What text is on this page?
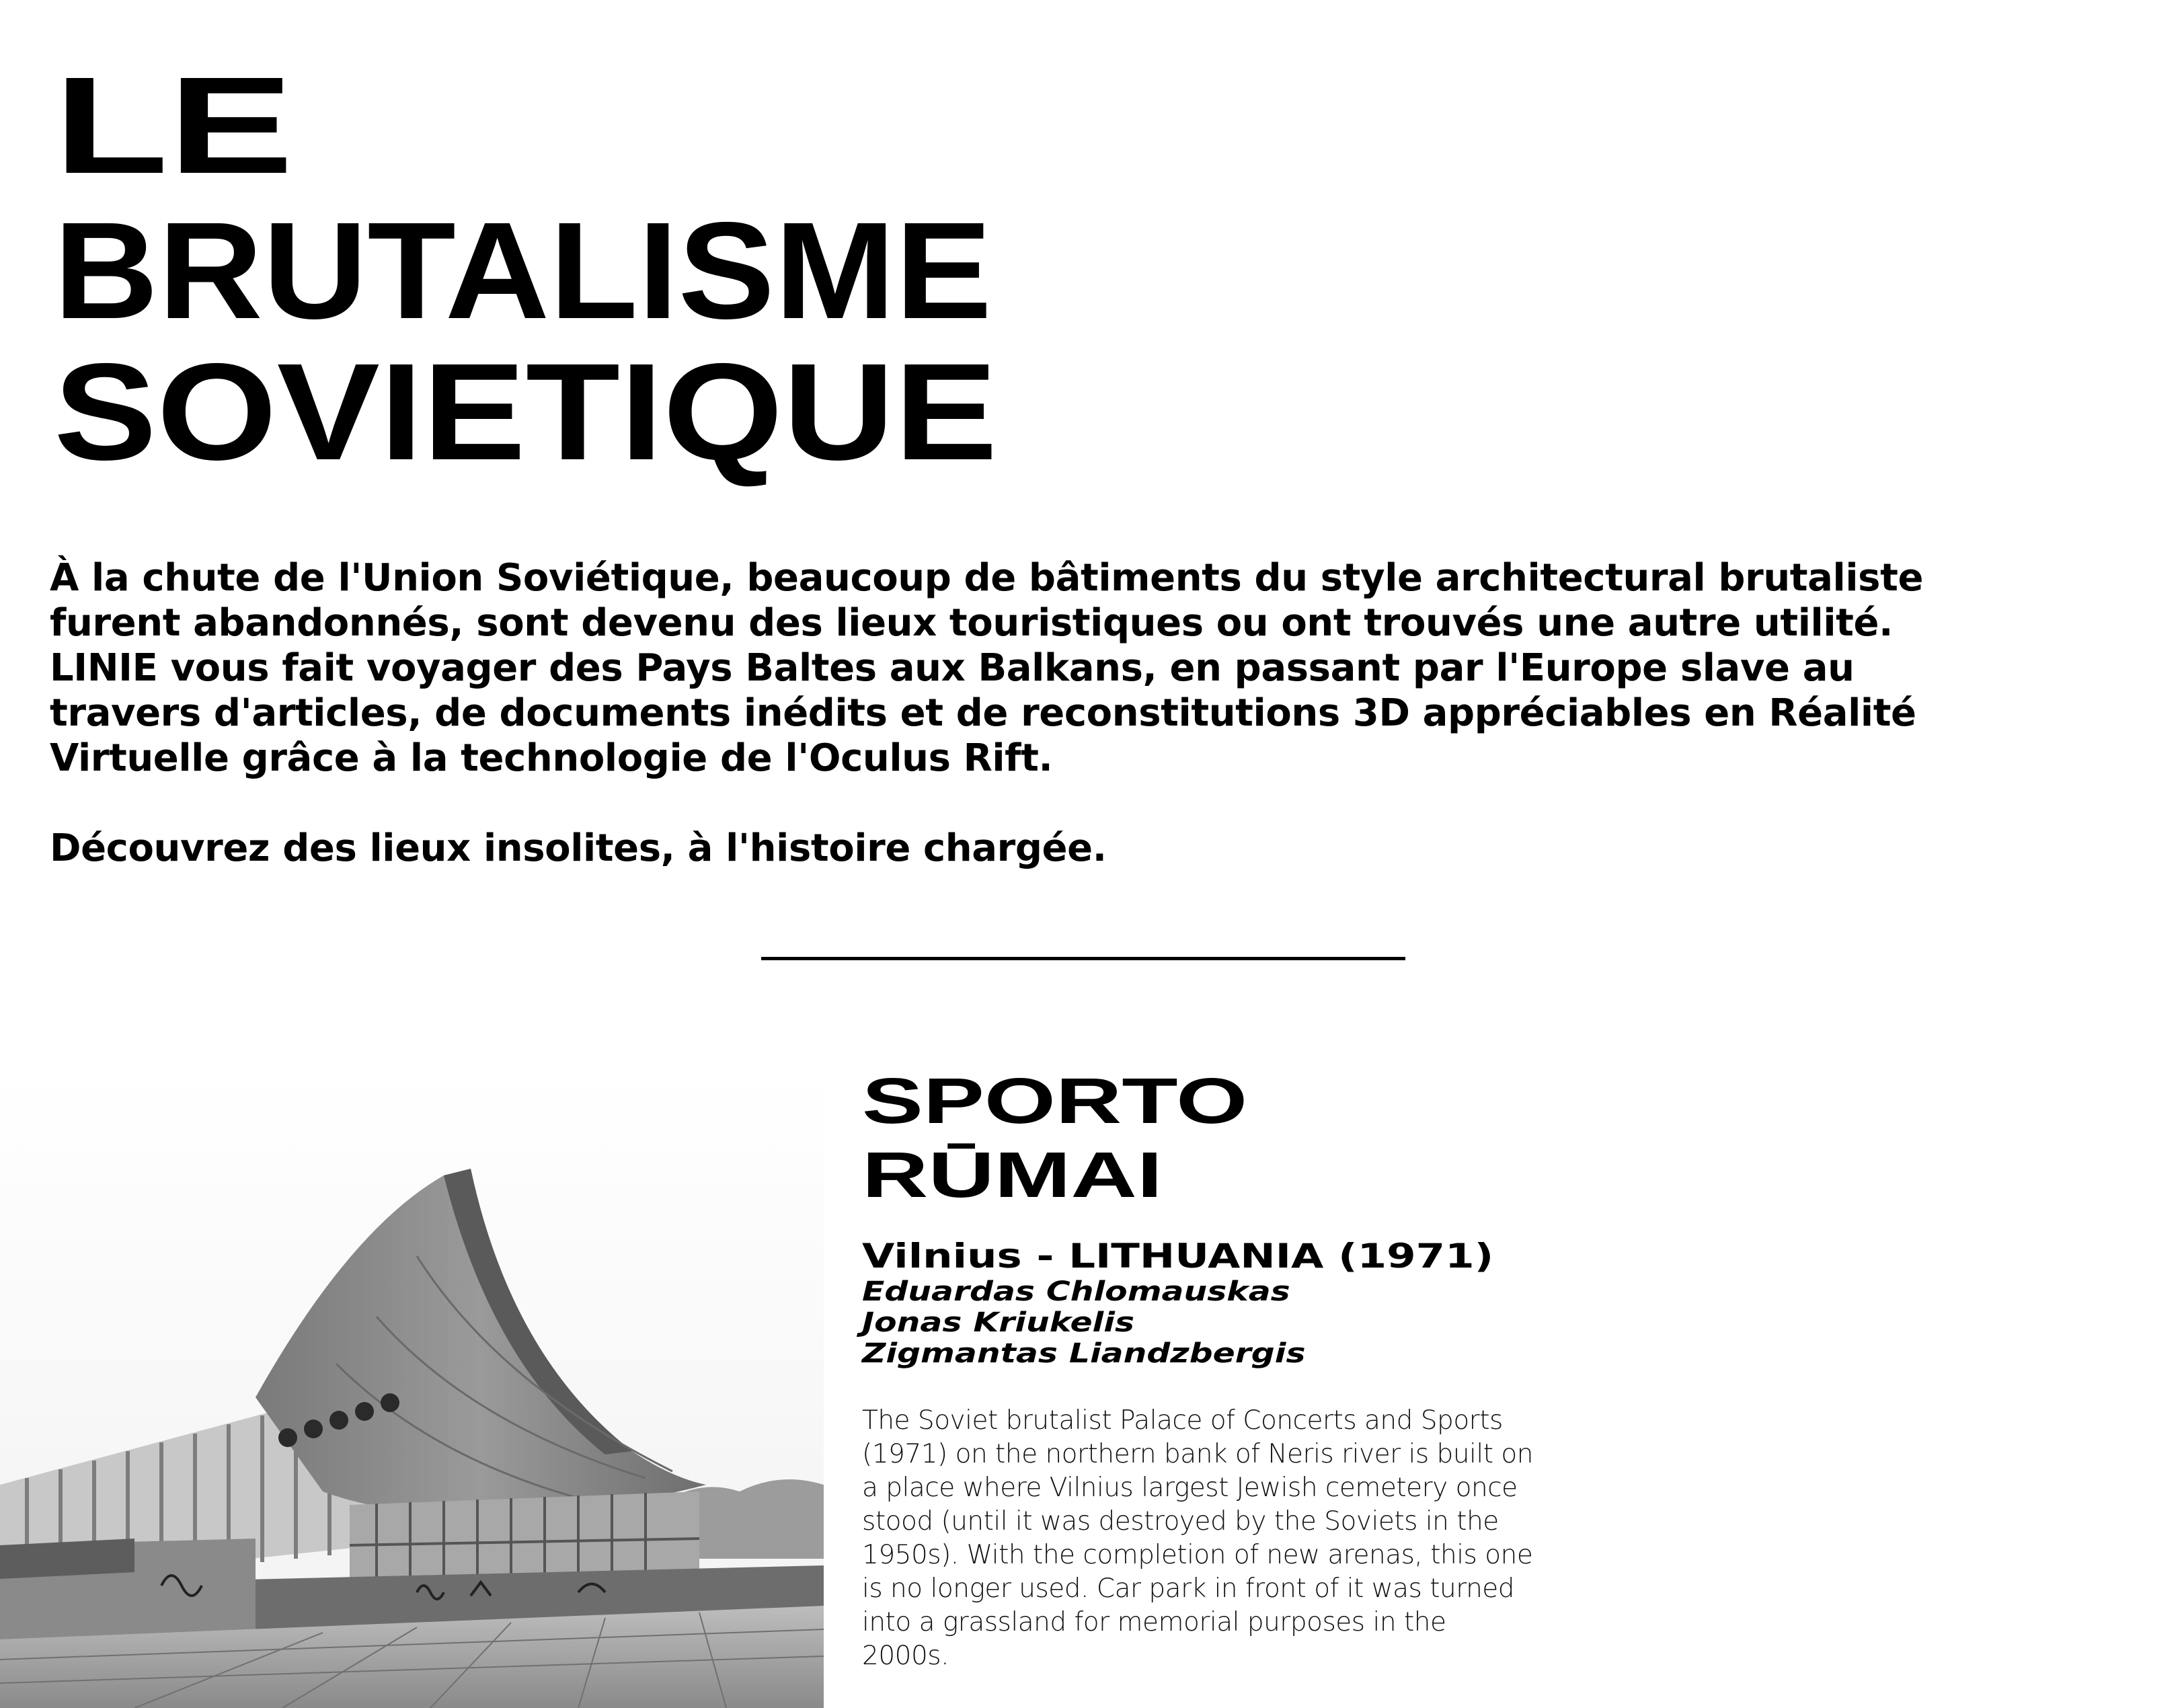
LE
BRUTALISME
SOVIETIQUE

À la chute de l'Union Soviétique, beaucoup de bâtiments du style architectural brutaliste

furent abandonnés, sont devenu des lieux touristiques ou ont trouvés une autre utilité.

LINIE vous fait voyager des Pays Baltes aux Balkans, en passant par l'Europe slave au

travers d'articles, de documents inédits et de reconstitutions 3D appréciables en Réalité

Virtuelle grâce à la technologie de l'Oculus Rift.

Découvrez des lieux insolites, à l'histoire chargée.

SPORTO
RŪMAI
Vilnius - LITHUANIA (1971)
Eduardas Chlomauskas
Jonas Kriukelis
Zigmantas Liandzbergis
The Soviet brutalist Palace of Concerts and Sports
(1971) on the northern bank of Neris river is built on
a place where Vilnius largest Jewish cemetery once
stood (until it was destroyed by the Soviets in the
1950s). With the completion of new arenas, this one
is no longer used. Car park in front of it was turned
into a grassland for memorial purposes in the
2000s.
